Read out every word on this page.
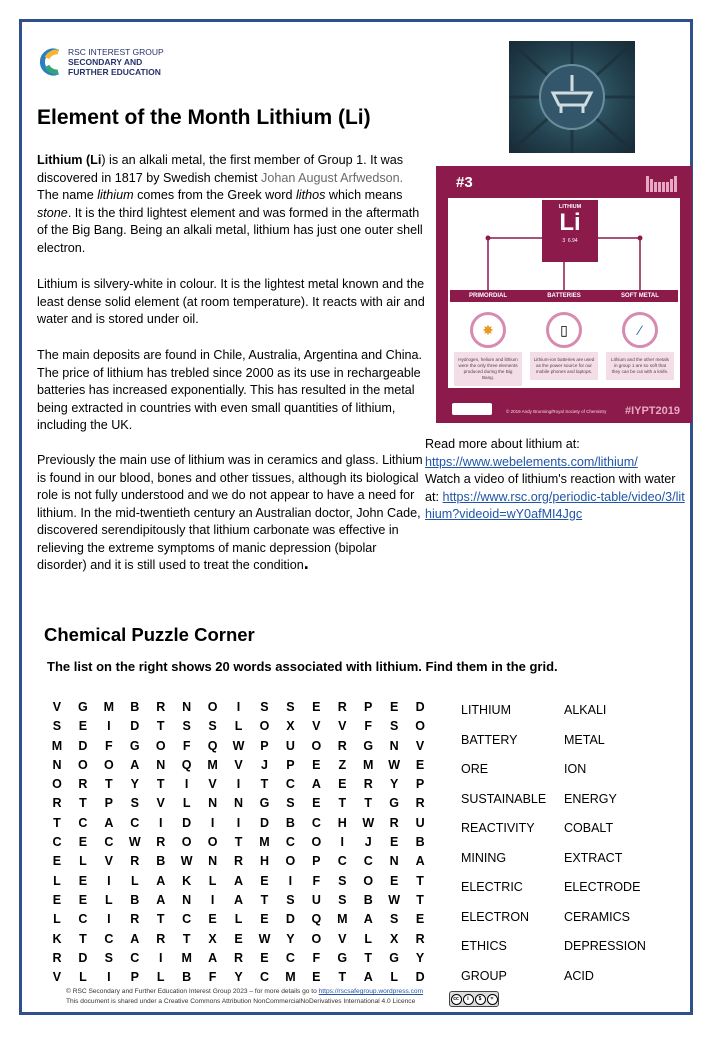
RSC INTEREST GROUP
SECONDARY AND
FURTHER EDUCATION
Element of the Month Lithium (Li)
Lithium (Li) is an alkali metal, the first member of Group 1. It was discovered in 1817 by Swedish chemist Johan August Arfwedson. The name lithium comes from the Greek word lithos which means stone. It is the third lightest element and was formed in the aftermath of the Big Bang. Being an alkali metal, lithium has just one outer shell electron.
Lithium is silvery-white in colour. It is the lightest metal known and the least dense solid element (at room temperature). It reacts with air and water and is stored under oil.
The main deposits are found in Chile, Australia, Argentina and China. The price of lithium has trebled since 2000 as its use in rechargeable batteries has increased exponentially. This has resulted in the metal being extracted in countries with even small quantities of lithium, including the UK.
Previously the main use of lithium was in ceramics and glass. Lithium is found in our blood, bones and other tissues, although its biological role is not fully understood and we do not appear to have a need for lithium. In the mid-twentieth century an Australian doctor, John Cade, discovered serendipitously that lithium carbonate was effective in relieving the extreme symptoms of manic depression (bipolar disorder) and it is still used to treat the condition.
#3
LITHIUM
Li
3 6.94
PRIMORDIAL
✸
Hydrogen, helium and lithium were the only three elements produced during the Big Bang.
BATTERIES
▯
Lithium-ion batteries are used as the power source for our mobile phones and laptops.
SOFT METAL
⁄
Lithium and the other metals in group 1 are so soft that they can be cut with a knife.
© 2019 Andy Brunning/Royal Society of Chemistry #IYPT2019
Read more about lithium at:
https://www.webelements.com/lithium/
Watch a video of lithium's reaction with water at: https://www.rsc.org/periodic-table/video/3/lithium?videoid=wY0afMI4Jgc
Chemical Puzzle Corner
The list on the right shows 20 words associated with lithium. Find them in the grid.
V	G	M	B	R	N	O	I	S	S	E	R	P	E	D
S	E	I	D	T	S	S	L	O	X	V	V	F	S	O
M	D	F	G	O	F	Q	W	P	U	O	R	G	N	V
N	O	O	A	N	Q	M	V	J	P	E	Z	M	W	E
O	R	T	Y	T	I	V	I	T	C	A	E	R	Y	P
R	T	P	S	V	L	N	N	G	S	E	T	T	G	R
T	C	A	C	I	D	I	I	D	B	C	H	W	R	U
C	E	C	W	R	O	O	T	M	C	O	I	J	E	B
E	L	V	R	B	W	N	R	H	O	P	C	C	N	A
L	E	I	L	A	K	L	A	E	I	F	S	O	E	T
E	E	L	B	A	N	I	A	T	S	U	S	B	W	T
L	C	I	R	T	C	E	L	E	D	Q	M	A	S	E
K	T	C	A	R	T	X	E	W	Y	O	V	L	X	R
R	D	S	C	I	M	A	R	E	C	F	G	T	G	Y
V	L	I	P	L	B	F	Y	C	M	E	T	A	L	D
LITHIUM	ALKALI
BATTERY	METAL
ORE	ION
SUSTAINABLE	ENERGY
REACTIVITY	COBALT
MINING	EXTRACT
ELECTRIC	ELECTRODE
ELECTRON	CERAMICS
ETHICS	DEPRESSION
GROUP	ACID
© RSC Secondary and Further Education Interest Group 2023 – for more details go to https://rscsafegroup.wordpress.com
This document is shared under a Creative Commons Attribution NonCommercialNoDerivatives International 4.0 Licence	cc	i	$	=
